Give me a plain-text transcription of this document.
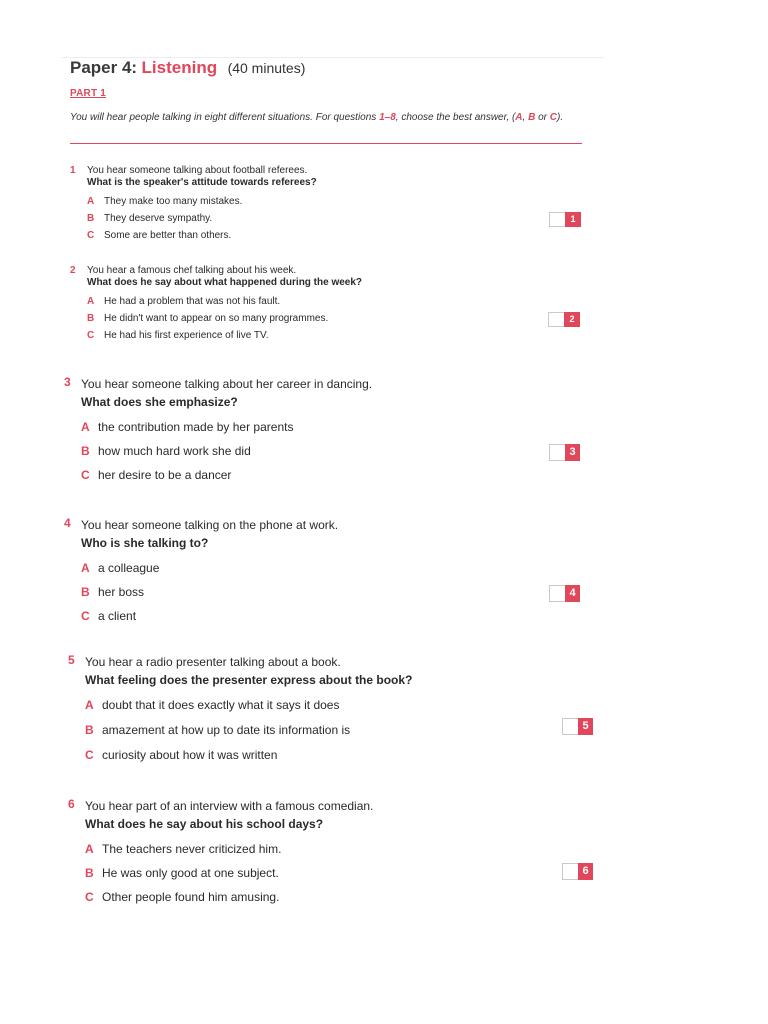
Paper 4: Listening (40 minutes)
PART 1
You will hear people talking in eight different situations. For questions 1–8, choose the best answer, (A, B or C).
1 You hear someone talking about football referees.
What is the speaker's attitude towards referees?
A They make too many mistakes.
B They deserve sympathy.
C Some are better than others.
1
2 You hear a famous chef talking about his week.
What does he say about what happened during the week?
A He had a problem that was not his fault.
B He didn't want to appear on so many programmes.
C He had his first experience of live TV.
2
3 You hear someone talking about her career in dancing.
What does she emphasize?
A the contribution made by her parents
B how much hard work she did
C her desire to be a dancer
3
4 You hear someone talking on the phone at work.
Who is she talking to?
A a colleague
B her boss
C a client
4
5 You hear a radio presenter talking about a book.
What feeling does the presenter express about the book?
A doubt that it does exactly what it says it does
B amazement at how up to date its information is
C curiosity about how it was written
5
6 You hear part of an interview with a famous comedian.
What does he say about his school days?
A The teachers never criticized him.
B He was only good at one subject.
C Other people found him amusing.
6
